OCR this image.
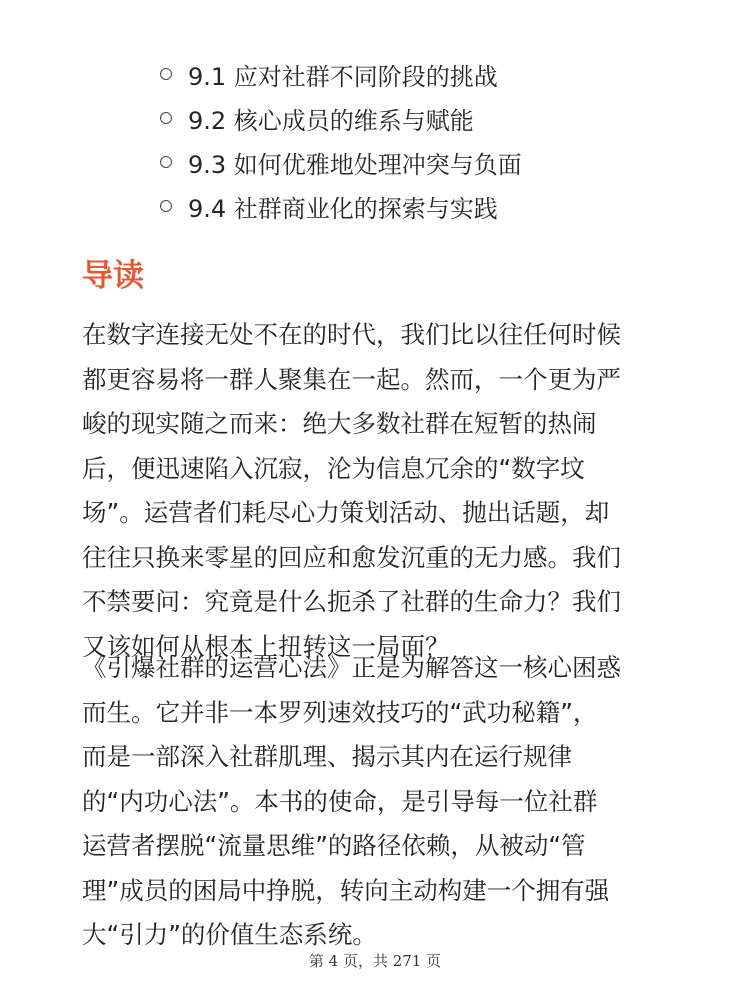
9.1 应对社群不同阶段的挑战
9.2 核心成员的维系与赋能
9.3 如何优雅地处理冲突与负面
9.4 社群商业化的探索与实践
导读

在数字连接无处不在的时代，我们比以往任何时候
都更容易将一群人聚集在一起。然而，一个更为严
峻的现实随之而来：绝大多数社群在短暂的热闹
后，便迅速陷入沉寂，沦为信息冗余的“数字坟
场”。运营者们耗尽心力策划活动、抛出话题，却
往往只换来零星的回应和愈发沉重的无力感。我们
不禁要问：究竟是什么扼杀了社群的生命力？我们
又该如何从根本上扭转这一局面？

《引爆社群的运营心法》正是为解答这一核心困惑
而生。它并非一本罗列速效技巧的“武功秘籍”，
而是一部深入社群肌理、揭示其内在运行规律
的“内功心法”。本书的使命，是引导每一位社群
运营者摆脱“流量思维”的路径依赖，从被动“管
理”成员的困局中挣脱，转向主动构建一个拥有强
大“引力”的价值生态系统。

第 4 页，共 271 页
